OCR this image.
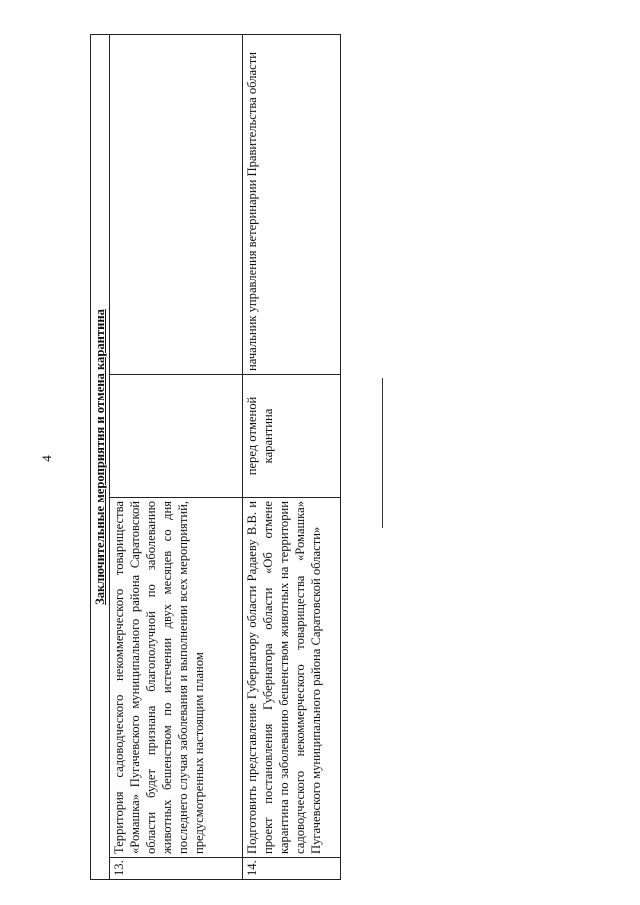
4	Заключительные мероприятия и отмена карантина			
13.	Территория садоводческого некоммерческого товарищества «Ромашка» Пугачевского муниципального района Саратовской области будет признана благополучной по заболеванию животных бешенством по истечении двух месяцев со дня последнего случая заболевания и выполнении всех мероприятий, предусмотренных настоящим планом		
14.	Подготовить представление Губернатору области Радаеву В.В. и проект постановления Губернатора области «Об отмене карантина по заболеванию бешенством животных на территории садоводческого некоммерческого товарищества «Ромашка» Пугачевского муниципального района Саратовской области»	перед отменой карантина	начальник управления ветеринарии Правительства области
